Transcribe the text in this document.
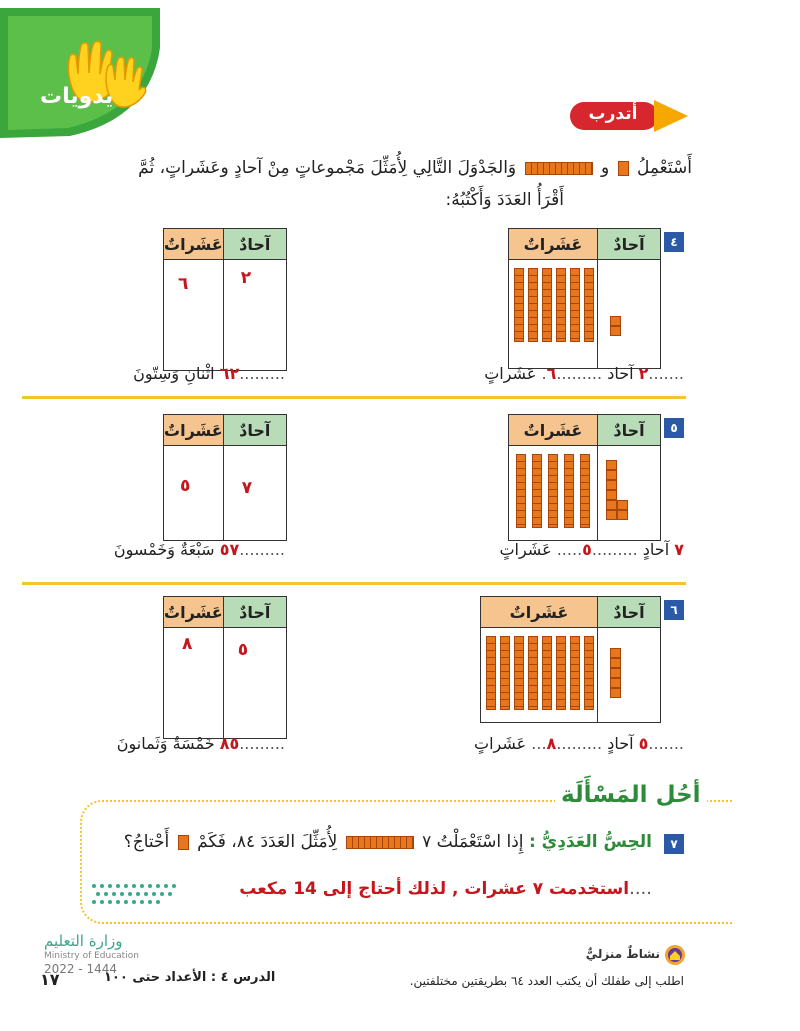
يدويات
أتدرب
أَسْتَعْمِلُ  و  وَالجَدْوَلَ التَّالِي لِأُمَثِّلَ مَجْموعاتٍ مِنْ آحادٍ وعَشَراتٍ، ثُمَّ
أَقْرَأُ العَدَدَ وَأَكْتُبُهُ:
٤
عَشَراتٌ	آحادٌ

عَشَراتٌ	آحادٌ

٦	٢
.......٢ آحاد .........٦. عَشَراتٍ
.........٦٢ اثْنانِ وَسِتّونَ
٥
عَشَراتٌ	آحادٌ

عَشَراتٌ	آحادٌ

٥	٧
٧ آحادٍ .........٥..... عَشَراتٍ
.........٥٧ سَبْعَةٌ وَخَمْسونَ
٦
عَشَراتٌ	آحادٌ

عَشَراتٌ	آحادٌ

٨	٥
.......٥ آحادٍ .........٨... عَشَراتٍ
.........٨٥ خَمْسَةٌ وَثَمانونَ
أحُل المَسْأَلَة
٧
الحِسُّ العَدَدِيُّ : إِذا اسْتَعْمَلْتُ ٧  لِأُمَثِّلَ العَدَدَ ٨٤، فَكَمْ  أَحْتاجُ؟
....استخدمت ٧ عشرات , لذلك أحتاج إلى 14 مكعب
وزارة التعليم
Ministry of Education
2022 - 1444
١٧	الدرس ٤ : الأعداد حتى ١٠٠
نشاطٌ منزليٌّ
اطلب إلى طفلك أن يكتب العدد ٦٤ بطريقتين مختلفتين.
